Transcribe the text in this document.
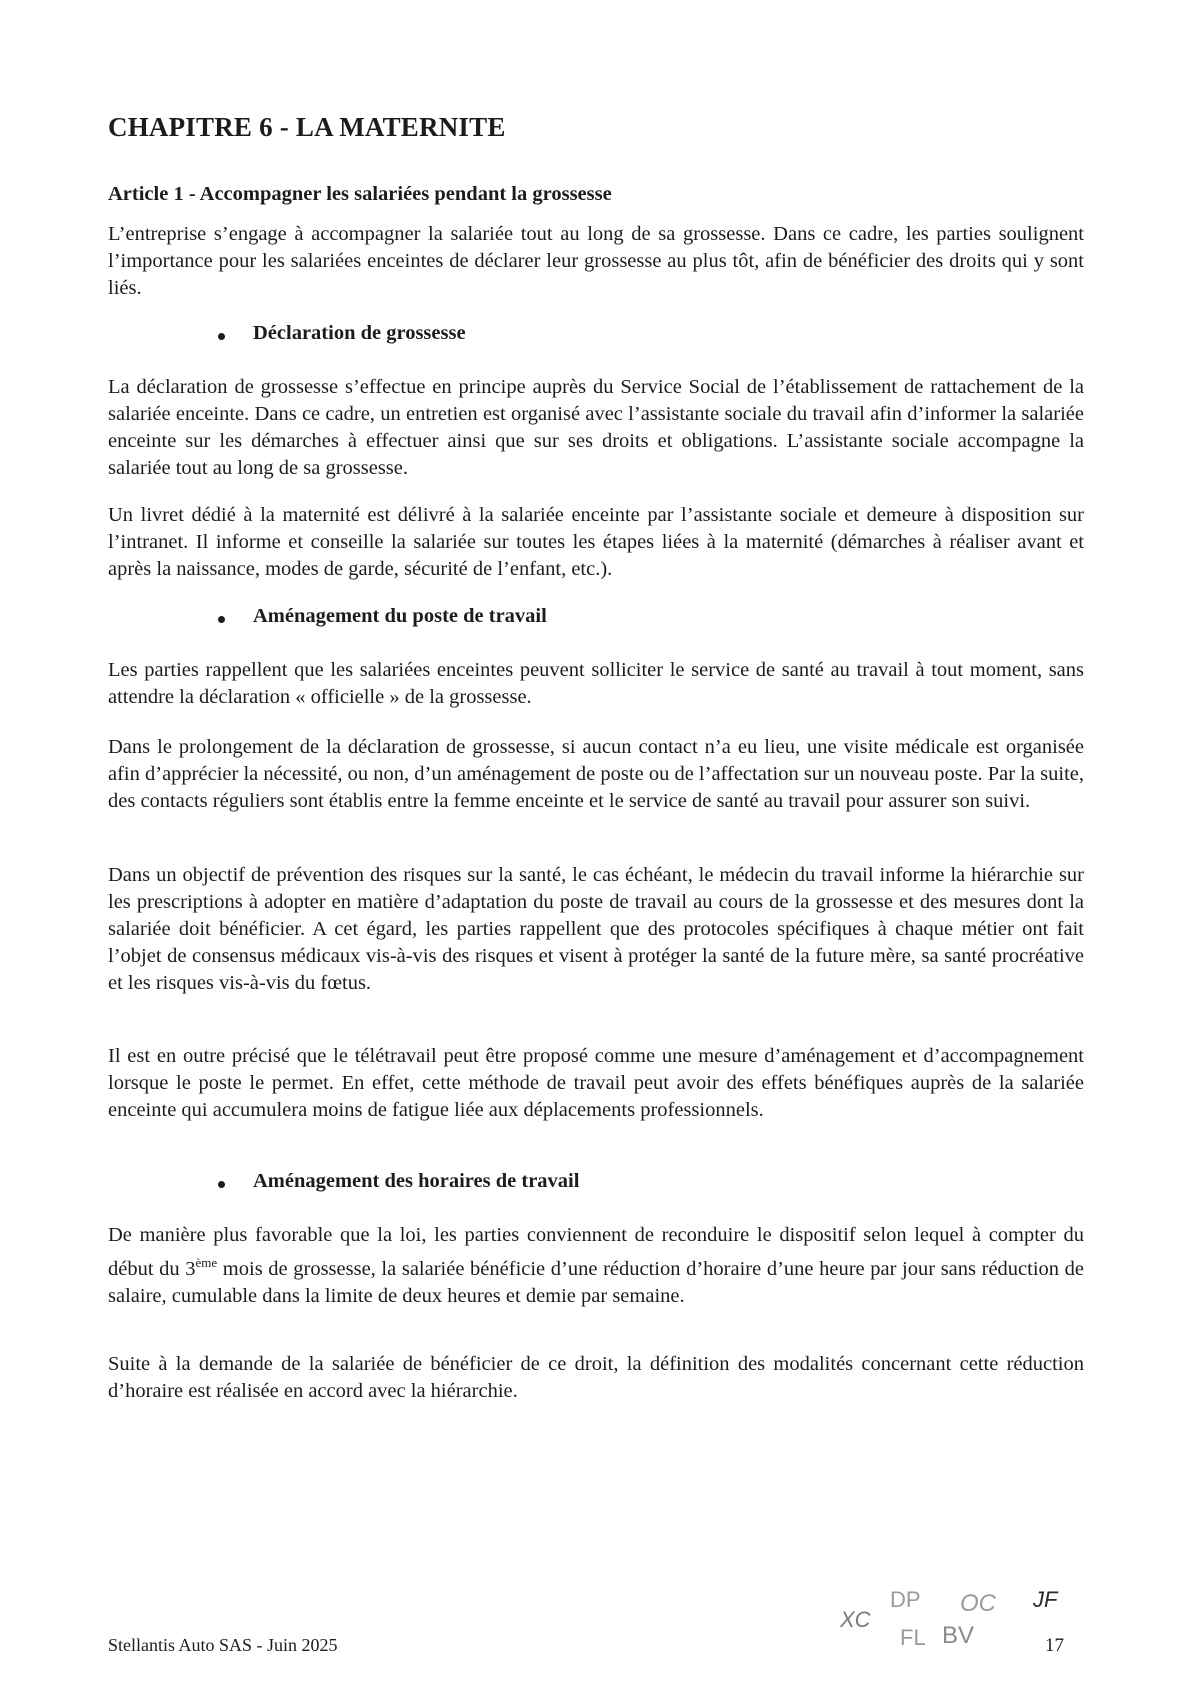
CHAPITRE 6 - LA MATERNITE
Article 1 - Accompagner les salariées pendant la grossesse

L’entreprise s’engage à accompagner la salariée tout au long de sa grossesse. Dans ce cadre, les parties soulignent l’importance pour les salariées enceintes de déclarer leur grossesse au plus tôt, afin de bénéficier des droits qui y sont liés.

Déclaration de grossesse

La déclaration de grossesse s’effectue en principe auprès du Service Social de l’établissement de rattachement de la salariée enceinte. Dans ce cadre, un entretien est organisé avec l’assistante sociale du travail afin d’informer la salariée enceinte sur les démarches à effectuer ainsi que sur ses droits et obligations. L’assistante sociale accompagne la salariée tout au long de sa grossesse.

Un livret dédié à la maternité est délivré à la salariée enceinte par l’assistante sociale et demeure à disposition sur l’intranet. Il informe et conseille la salariée sur toutes les étapes liées à la maternité (démarches à réaliser avant et après la naissance, modes de garde, sécurité de l’enfant, etc.).

Aménagement du poste de travail

Les parties rappellent que les salariées enceintes peuvent solliciter le service de santé au travail à tout moment, sans attendre la déclaration « officielle » de la grossesse.

Dans le prolongement de la déclaration de grossesse, si aucun contact n’a eu lieu, une visite médicale est organisée afin d’apprécier la nécessité, ou non, d’un aménagement de poste ou de l’affectation sur un nouveau poste. Par la suite, des contacts réguliers sont établis entre la femme enceinte et le service de santé au travail pour assurer son suivi.

Dans un objectif de prévention des risques sur la santé, le cas échéant, le médecin du travail informe la hiérarchie sur les prescriptions à adopter en matière d’adaptation du poste de travail au cours de la grossesse et des mesures dont la salariée doit bénéficier. A cet égard, les parties rappellent que des protocoles spécifiques à chaque métier ont fait l’objet de consensus médicaux vis-à-vis des risques et visent à protéger la santé de la future mère, sa santé procréative et les risques vis-à-vis du fœtus.

Il est en outre précisé que le télétravail peut être proposé comme une mesure d’aménagement et d’accompagnement lorsque le poste le permet. En effet, cette méthode de travail peut avoir des effets bénéfiques auprès de la salariée enceinte qui accumulera moins de fatigue liée aux déplacements professionnels.

Aménagement des horaires de travail

De manière plus favorable que la loi, les parties conviennent de reconduire le dispositif selon lequel à compter du début du 3ème mois de grossesse, la salariée bénéficie d’une réduction d’horaire d’une heure par jour sans réduction de salaire, cumulable dans la limite de deux heures et demie par semaine.

Suite à la demande de la salariée de bénéficier de ce droit, la définition des modalités concernant cette réduction d’horaire est réalisée en accord avec la hiérarchie.

DP OC JF
XC
FL BV
Stellantis Auto SAS - Juin 2025	17
